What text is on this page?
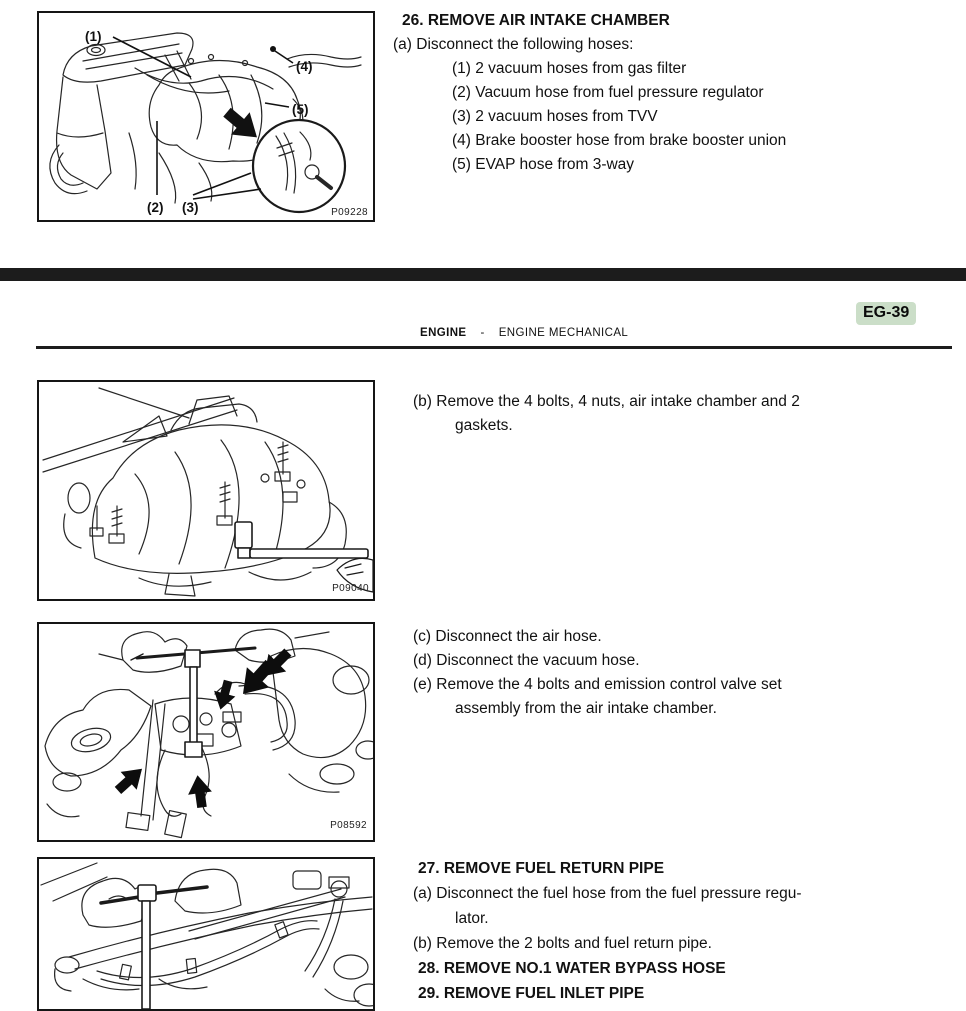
(1)
(4)
(5)
(2) (3)	P09228
26. REMOVE AIR INTAKE CHAMBER
(a) Disconnect the following hoses:
(1) 2 vacuum hoses from gas filter
(2) Vacuum hose from fuel pressure regulator
(3) 2 vacuum hoses from TVV
(4) Brake booster hose from brake booster union
(5) EVAP hose from 3-way
EG-39
ENGINE - ENGINE MECHANICAL
P09040
(b) Remove the 4 bolts, 4 nuts, air intake chamber and 2
gaskets.
P08592
(c) Disconnect the air hose.
(d) Disconnect the vacuum hose.
(e) Remove the 4 bolts and emission control valve set
assembly from the air intake chamber.
27. REMOVE FUEL RETURN PIPE
(a) Disconnect the fuel hose from the fuel pressure regu-
lator.
(b) Remove the 2 bolts and fuel return pipe.
28. REMOVE NO.1 WATER BYPASS HOSE
29. REMOVE FUEL INLET PIPE
